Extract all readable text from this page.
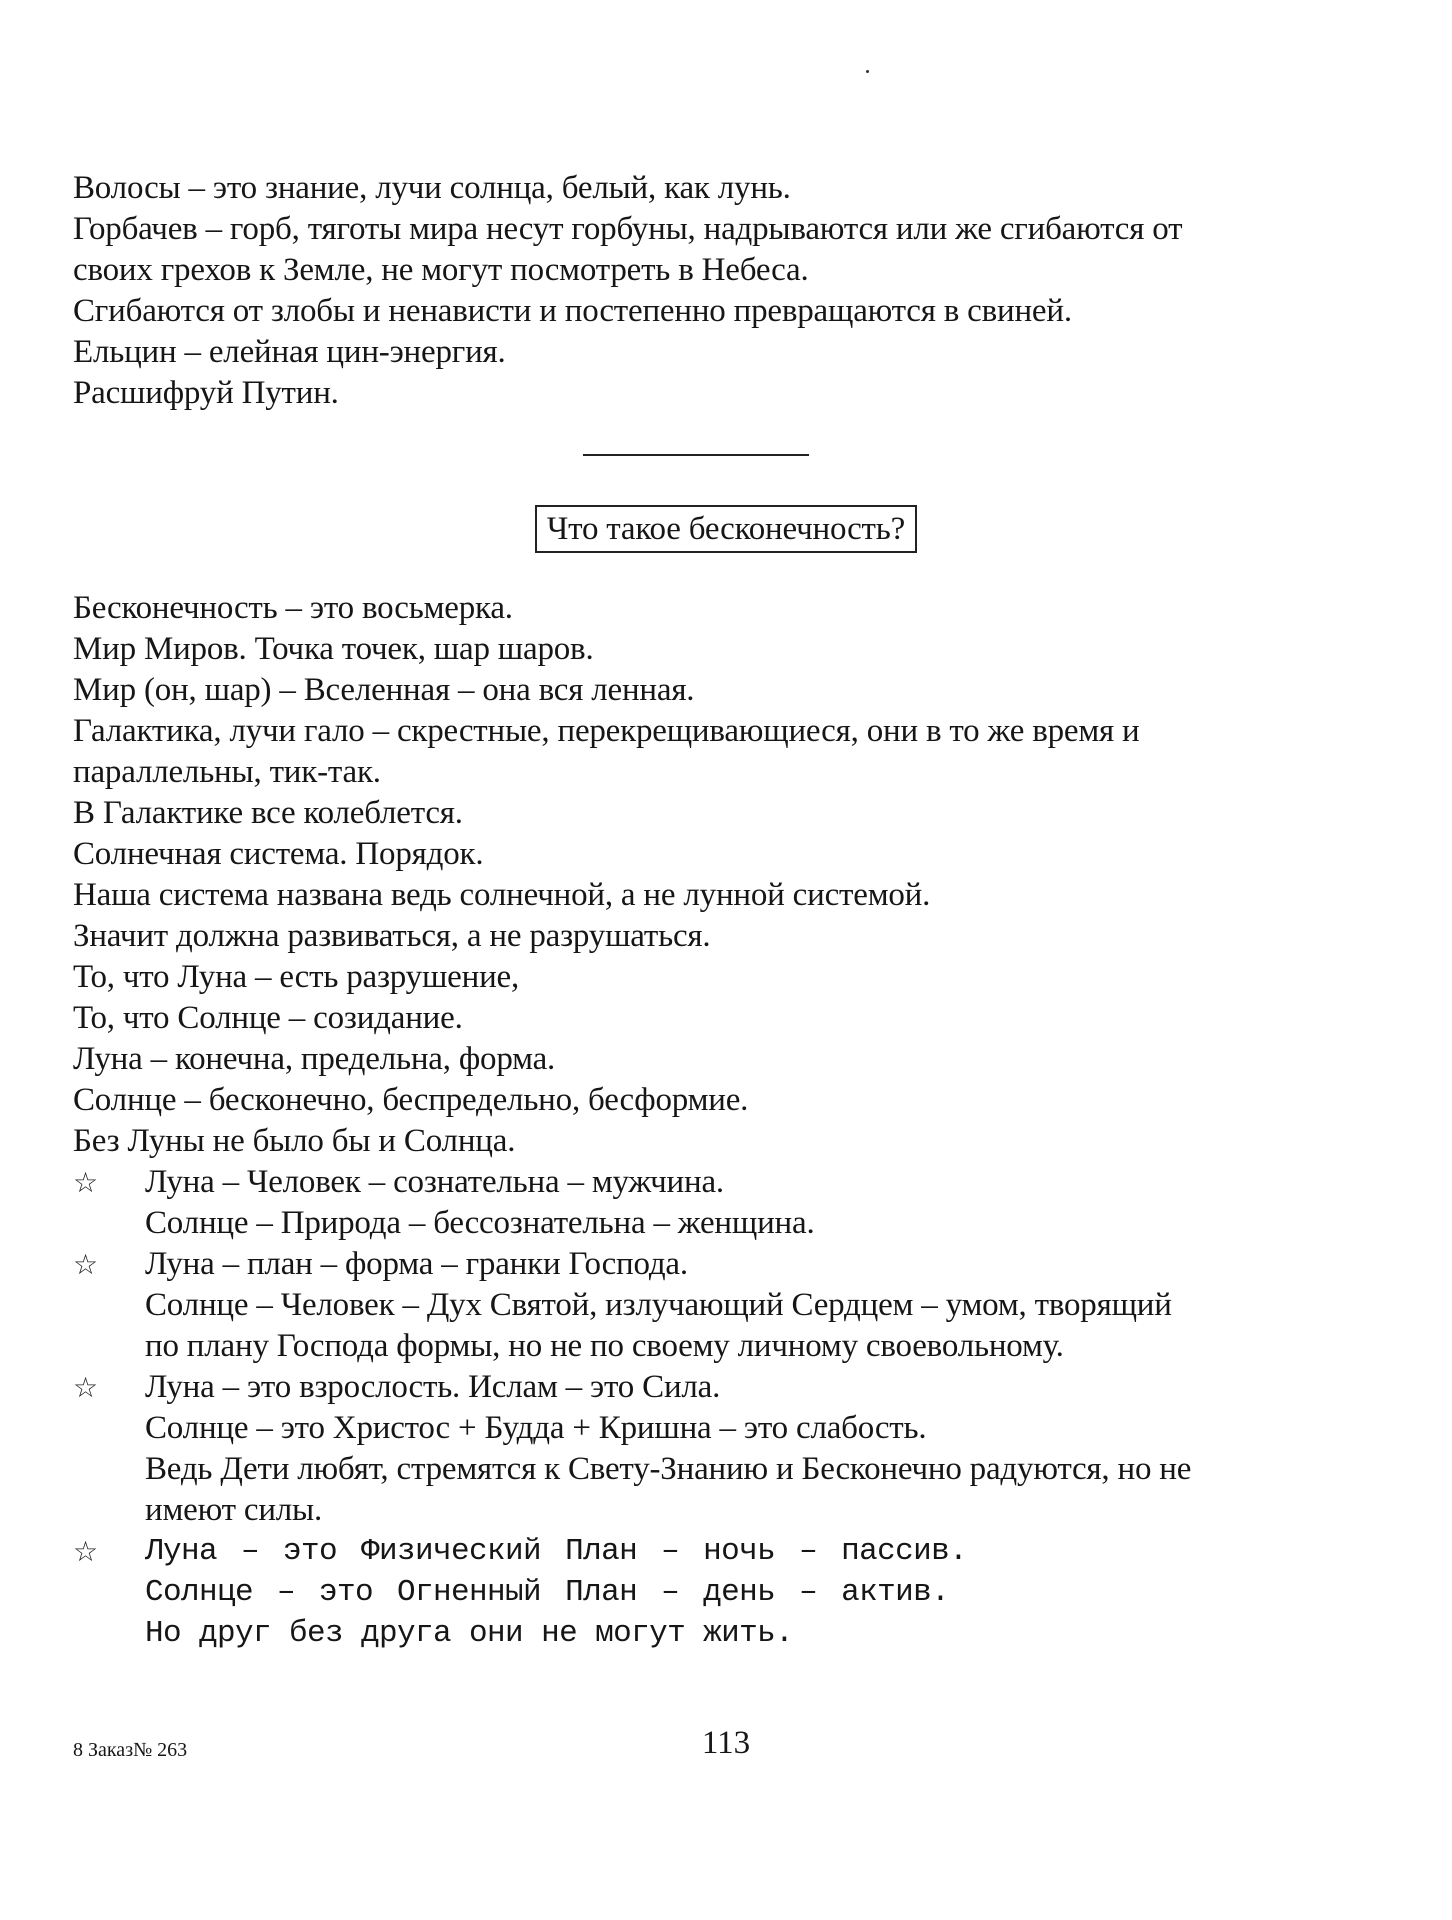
Волосы – это знание, лучи солнца, белый, как лунь.
Горбачев – горб, тяготы мира несут горбуны, надрываются или же сгибаются от
своих грехов к Земле, не могут посмотреть в Небеса.
Сгибаются от злобы и ненависти и постепенно превращаются в свиней.
Ельцин – елейная цин-энергия.
Расшифруй Путин.
Что такое бесконечность?
Бесконечность – это восьмерка.
Мир Миров. Точка точек, шар шаров.
Мир (он, шар) – Вселенная – она вся ленная.
Галактика, лучи гало – скрестные, перекрещивающиеся, они в то же время и
параллельны, тик-так.
В Галактике все колеблется.
Солнечная система. Порядок.
Наша система названа ведь солнечной, а не лунной системой.
Значит должна развиваться, а не разрушаться.
То, что Луна – есть разрушение,
То, что Солнце – созидание.
Луна – конечна, предельна, форма.
Солнце – бесконечно, беспредельно, бесформие.
Без Луны не было бы и Солнца.
☆ Луна – Человек – сознательна – мужчина.
Солнце – Природа – бессознательна – женщина.
☆ Луна – план – форма – гранки Господа.
Солнце – Человек – Дух Святой, излучающий Сердцем – умом, творящий
по плану Господа формы, но не по своему личному своевольному.
☆ Луна – это взрослость. Ислам – это Сила.
Солнце – это Христос + Будда + Кришна – это слабость.
Ведь Дети любят, стремятся к Свету-Знанию и Бесконечно радуются, но не
имеют силы.
☆ Луна – это Физический План – ночь – пассив.
Солнце – это Огненный План – день – актив.
Но друг без друга они не могут жить.
8 Заказ№ 263	113
